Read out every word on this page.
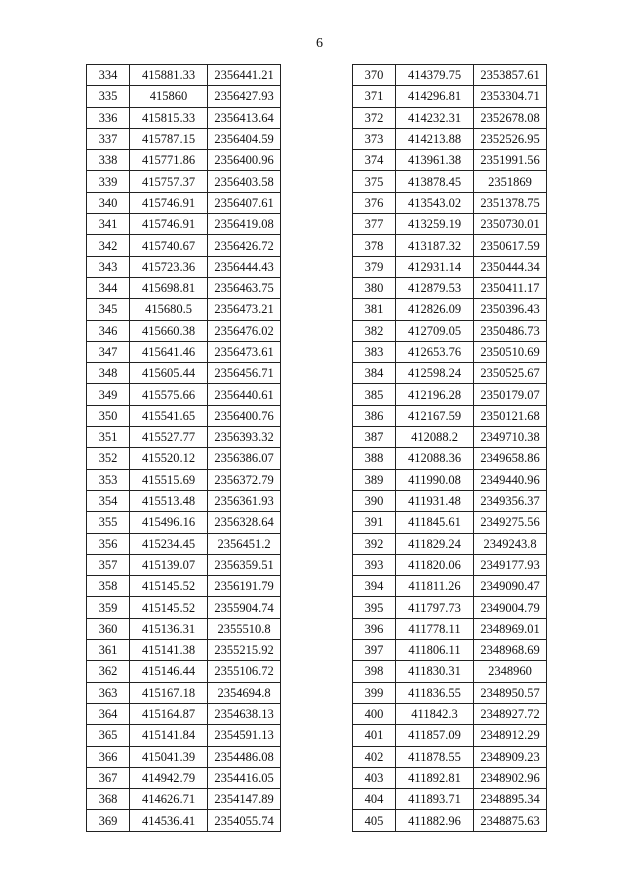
6
334	415881.33	2356441.21
335	415860	2356427.93
336	415815.33	2356413.64
337	415787.15	2356404.59
338	415771.86	2356400.96
339	415757.37	2356403.58
340	415746.91	2356407.61
341	415746.91	2356419.08
342	415740.67	2356426.72
343	415723.36	2356444.43
344	415698.81	2356463.75
345	415680.5	2356473.21
346	415660.38	2356476.02
347	415641.46	2356473.61
348	415605.44	2356456.71
349	415575.66	2356440.61
350	415541.65	2356400.76
351	415527.77	2356393.32
352	415520.12	2356386.07
353	415515.69	2356372.79
354	415513.48	2356361.93
355	415496.16	2356328.64
356	415234.45	2356451.2
357	415139.07	2356359.51
358	415145.52	2356191.79
359	415145.52	2355904.74
360	415136.31	2355510.8
361	415141.38	2355215.92
362	415146.44	2355106.72
363	415167.18	2354694.8
364	415164.87	2354638.13
365	415141.84	2354591.13
366	415041.39	2354486.08
367	414942.79	2354416.05
368	414626.71	2354147.89
369	414536.41	2354055.74
370	414379.75	2353857.61
371	414296.81	2353304.71
372	414232.31	2352678.08
373	414213.88	2352526.95
374	413961.38	2351991.56
375	413878.45	2351869
376	413543.02	2351378.75
377	413259.19	2350730.01
378	413187.32	2350617.59
379	412931.14	2350444.34
380	412879.53	2350411.17
381	412826.09	2350396.43
382	412709.05	2350486.73
383	412653.76	2350510.69
384	412598.24	2350525.67
385	412196.28	2350179.07
386	412167.59	2350121.68
387	412088.2	2349710.38
388	412088.36	2349658.86
389	411990.08	2349440.96
390	411931.48	2349356.37
391	411845.61	2349275.56
392	411829.24	2349243.8
393	411820.06	2349177.93
394	411811.26	2349090.47
395	411797.73	2349004.79
396	411778.11	2348969.01
397	411806.11	2348968.69
398	411830.31	2348960
399	411836.55	2348950.57
400	411842.3	2348927.72
401	411857.09	2348912.29
402	411878.55	2348909.23
403	411892.81	2348902.96
404	411893.71	2348895.34
405	411882.96	2348875.63
